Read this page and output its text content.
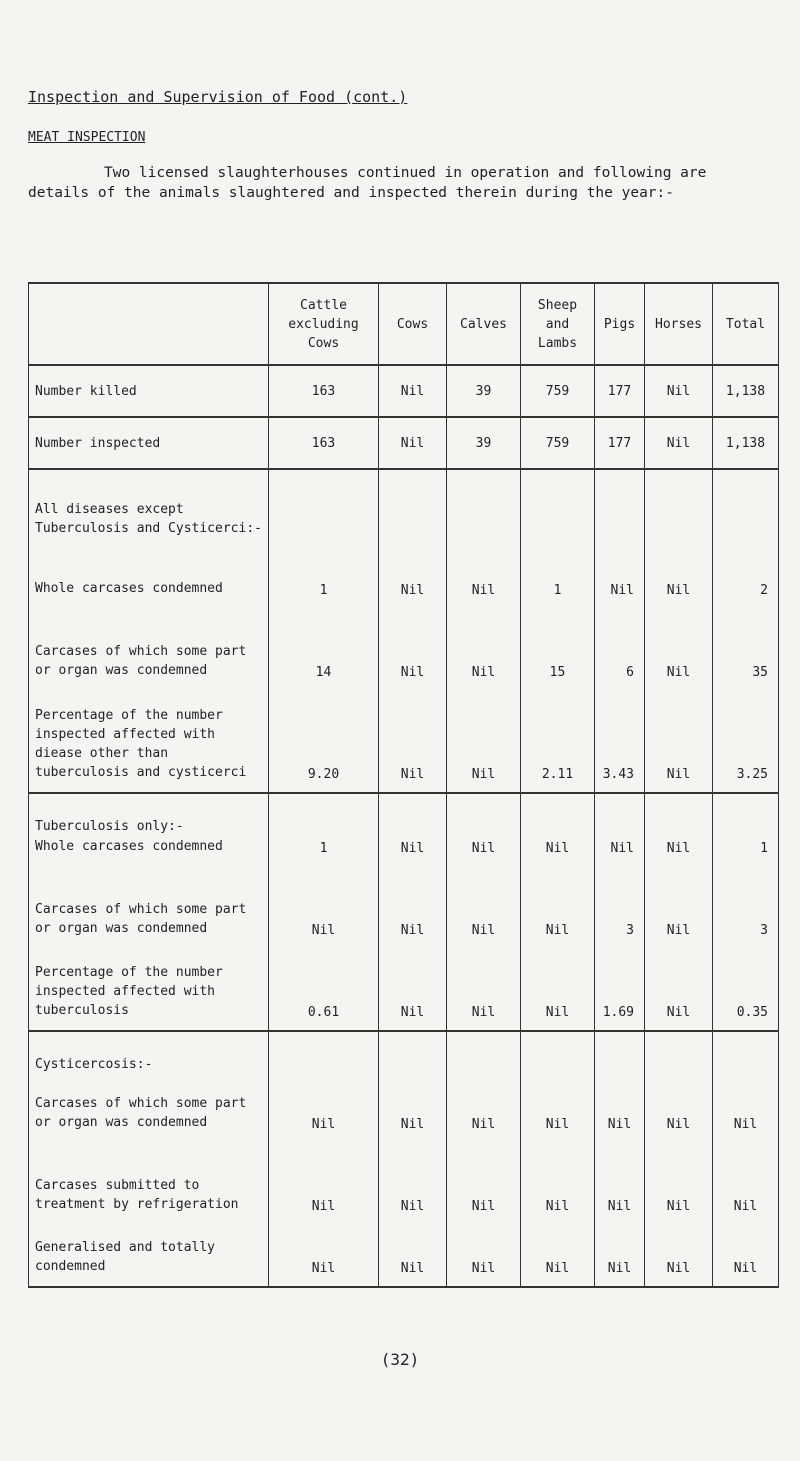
Inspection and Supervision of Food (cont.)
MEAT INSPECTION
Two licensed slaughterhouses continued in operation and following are details of the animals slaughtered and inspected therein during the year:-
	Cattle excluding Cows	Cows	Calves	Sheep and Lambs	Pigs	Horses	Total
Number killed	163	Nil	39	759	177	Nil	1,138
Number inspected	163	Nil	39	759	177	Nil	1,138
All diseases except Tuberculosis and Cysticerci:-							
Whole carcases condemned	1	Nil	Nil	1	Nil	Nil	2
Carcases of which some part or organ was condemned	14	Nil	Nil	15	6	Nil	35
Percentage of the number inspected affected with diease other than tuberculosis and cysticerci	9.20	Nil	Nil	2.11	3.43	Nil	3.25
Tuberculosis only:-							
Whole carcases condemned	1	Nil	Nil	Nil	Nil	Nil	1
Carcases of which some part or organ was condemned	Nil	Nil	Nil	Nil	3	Nil	3
Percentage of the number inspected affected with tuberculosis	0.61	Nil	Nil	Nil	1.69	Nil	0.35
Cysticercosis:-							
Carcases of which some part or organ was condemned	Nil	Nil	Nil	Nil	Nil	Nil	Nil
Carcases submitted to treatment by refrigeration	Nil	Nil	Nil	Nil	Nil	Nil	Nil
Generalised and totally condemned	Nil	Nil	Nil	Nil	Nil	Nil	Nil
(32)
